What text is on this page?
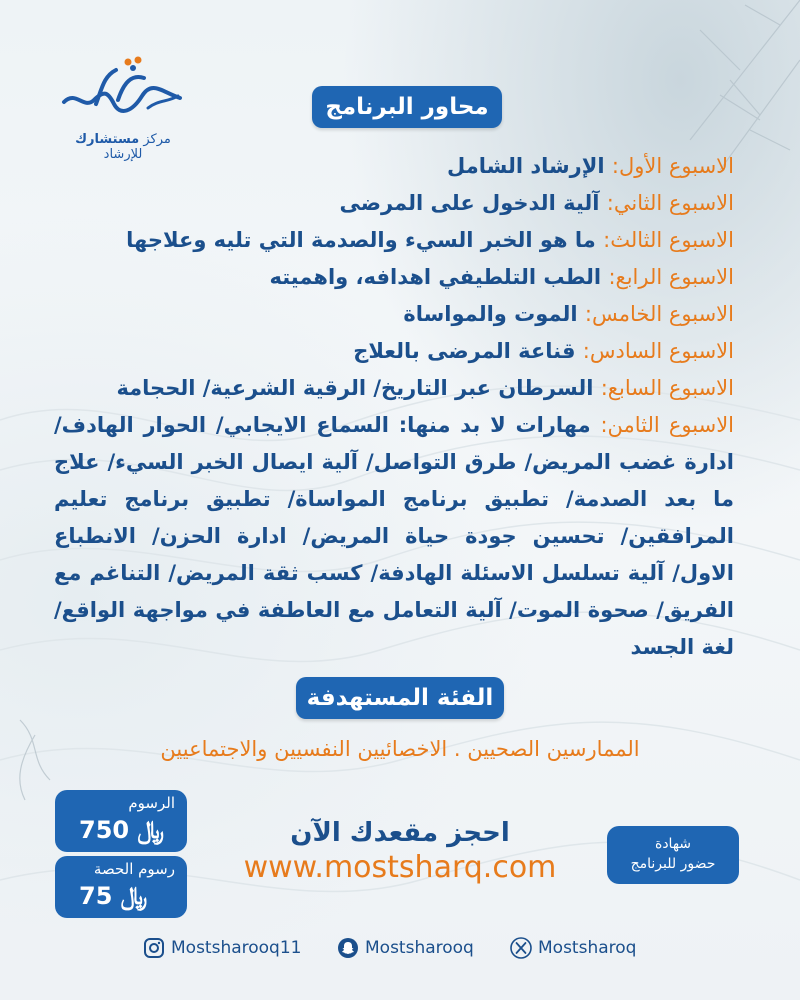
مركز مستشارك للإرشاد
محاور البرنامج
الاسبوع الأول: الإرشاد الشامل
الاسبوع الثاني: آلية الدخول على المرضى
الاسبوع الثالث: ما هو الخبر السيء والصدمة التي تليه وعلاجها
الاسبوع الرابع: الطب التلطيفي اهدافه، واهميته
الاسبوع الخامس: الموت والمواساة
الاسبوع السادس: قناعة المرضى بالعلاج
الاسبوع السابع: السرطان عبر التاريخ/ الرقية الشرعية/ الحجامة
الاسبوع الثامن: مهارات لا بد منها: السماع الايجابي/ الحوار الهادف/ ادارة غضب المريض/ طرق التواصل/ آلية ايصال الخبر السيء/ علاج ما بعد الصدمة/ تطبيق برنامج المواساة/ تطبيق برنامج تعليم المرافقين/ تحسين جودة حياة المريض/ ادارة الحزن/ الانطباع الاول/ آلية تسلسل الاسئلة الهادفة/ كسب ثقة المريض/ التناغم مع الفريق/ صحوة الموت/ آلية التعامل مع العاطفة في مواجهة الواقع/ لغة الجسد
الفئة المستهدفة
الممارسين الصحيين . الاخصائيين النفسيين والاجتماعيين
الرسوم
750 ﷼
رسوم الحصة
75 ﷼
احجز مقعدك الآن
www.mostsharq.com
شهادة
حضور للبرنامج
Mostsharooq11	Mostsharooq	Mostsharoq
